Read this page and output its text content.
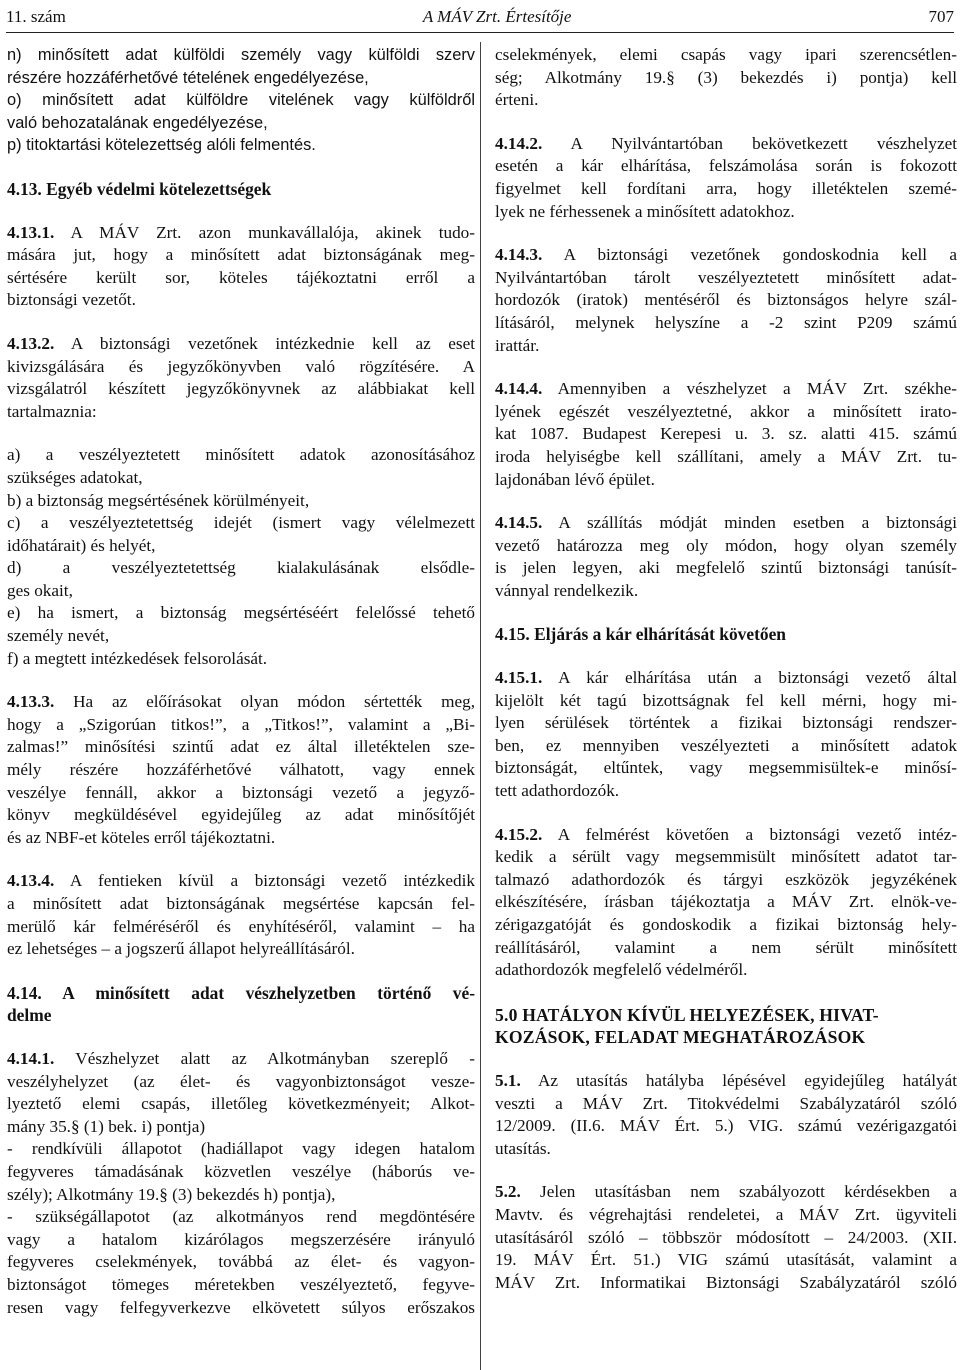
11. szám	A MÁV Zrt. Értesítője	707
n) minősített adat külföldi személy vagy külföldi szerv
részére hozzáférhetővé tételének engedélyezése,
o) minősített adat külföldre vitelének vagy külföldről
való behozatalának engedélyezése,
p) titoktartási kötelezettség alóli felmentés.
4.13. Egyéb védelmi kötelezettségek
4.13.1. A MÁV Zrt. azon munkavállalója, akinek tudo-
mására jut, hogy a minősített adat biztonságának meg-
sértésére került sor, köteles tájékoztatni erről a
biztonsági vezetőt.
4.13.2. A biztonsági vezetőnek intézkednie kell az eset
kivizsgálására és jegyzőkönyvben való rögzítésére. A
vizsgálatról készített jegyzőkönyvnek az alábbiakat kell
tartalmaznia:
a) a veszélyeztetett minősített adatok azonosításához
szükséges adatokat,
b) a biztonság megsértésének körülményeit,
c) a veszélyeztetettség idejét (ismert vagy vélelmezett
időhatárait) és helyét,
d) a veszélyeztetettség kialakulásának elsődle-
ges okait,
e) ha ismert, a biztonság megsértéséért felelőssé tehető
személy nevét,
f) a megtett intézkedések felsorolását.
4.13.3. Ha az előírásokat olyan módon sértették meg,
hogy a „Szigorúan titkos!”, a „Titkos!”, valamint a „Bi-
zalmas!” minősítési szintű adat ez által illetéktelen sze-
mély részére hozzáférhetővé válhatott, vagy ennek
veszélye fennáll, akkor a biztonsági vezető a jegyző-
könyv megküldésével egyidejűleg az adat minősítőjét
és az NBF-et köteles erről tájékoztatni.
4.13.4. A fentieken kívül a biztonsági vezető intézkedik
a minősített adat biztonságának megsértése kapcsán fel-
merülő kár felméréséről és enyhítéséről, valamint – ha
ez lehetséges – a jogszerű állapot helyreállításáról.
4.14. A minősített adat vészhelyzetben történő vé-
delme
4.14.1. Vészhelyzet alatt az Alkotmányban szereplő -
veszélyhelyzet (az élet- és vagyonbiztonságot vesze-
lyeztető elemi csapás, illetőleg következményeit; Alkot-
mány 35.§ (1) bek. i) pontja)
- rendkívüli állapotot (hadiállapot vagy idegen hatalom
fegyveres támadásának közvetlen veszélye (háborús ve-
szély); Alkotmány 19.§ (3) bekezdés h) pontja),
- szükségállapotot (az alkotmányos rend megdöntésére
vagy a hatalom kizárólagos megszerzésére irányuló
fegyveres cselekmények, továbbá az élet- és vagyon-
biztonságot tömeges méretekben veszélyeztető, fegyve-
resen vagy felfegyverkezve elkövetett súlyos erőszakos
cselekmények, elemi csapás vagy ipari szerencsétlen-
ség; Alkotmány 19.§ (3) bekezdés i) pontja) kell
érteni.
4.14.2. A Nyilvántartóban bekövetkezett vészhelyzet
esetén a kár elhárítása, felszámolása során is fokozott
figyelmet kell fordítani arra, hogy illetéktelen szemé-
lyek ne férhessenek a minősített adatokhoz.
4.14.3. A biztonsági vezetőnek gondoskodnia kell a
Nyilvántartóban tárolt veszélyeztetett minősített adat-
hordozók (iratok) mentéséről és biztonságos helyre szál-
lításáról, melynek helyszíne a -2 szint P209 számú
irattár.
4.14.4. Amennyiben a vészhelyzet a MÁV Zrt. székhe-
lyének egészét veszélyeztetné, akkor a minősített irato-
kat 1087. Budapest Kerepesi u. 3. sz. alatti 415. számú
iroda helyiségbe kell szállítani, amely a MÁV Zrt. tu-
lajdonában lévő épület.
4.14.5. A szállítás módját minden esetben a biztonsági
vezető határozza meg oly módon, hogy olyan személy
is jelen legyen, aki megfelelő szintű biztonsági tanúsít-
vánnyal rendelkezik.
4.15. Eljárás a kár elhárítását követően
4.15.1. A kár elhárítása után a biztonsági vezető által
kijelölt két tagú bizottságnak fel kell mérni, hogy mi-
lyen sérülések történtek a fizikai biztonsági rendszer-
ben, ez mennyiben veszélyezteti a minősített adatok
biztonságát, eltűntek, vagy megsemmisültek-e minősí-
tett adathordozók.
4.15.2. A felmérést követően a biztonsági vezető intéz-
kedik a sérült vagy megsemmisült minősített adatot tar-
talmazó adathordozók és tárgyi eszközök jegyzékének
elkészítésére, írásban tájékoztatja a MÁV Zrt. elnök-ve-
zérigazgatóját és gondoskodik a fizikai biztonság hely-
reállításáról, valamint a nem sérült minősített
adathordozók megfelelő védelméről.
5.0 HATÁLYON KÍVÜL HELYEZÉSEK, HIVAT-
KOZÁSOK, FELADAT MEGHATÁROZÁSOK
5.1. Az utasítás hatályba lépésével egyidejűleg hatályát
veszti a MÁV Zrt. Titokvédelmi Szabályzatáról szóló
12/2009. (II.6. MÁV Ért. 5.) VIG. számú vezérigazgatói
utasítás.
5.2. Jelen utasításban nem szabályozott kérdésekben a
Mavtv. és végrehajtási rendeletei, a MÁV Zrt. ügyviteli
utasításáról szóló – többször módosított – 24/2003. (XII.
19. MÁV Ért. 51.) VIG számú utasítását, valamint a
MÁV Zrt. Informatikai Biztonsági Szabályzatáról szóló
